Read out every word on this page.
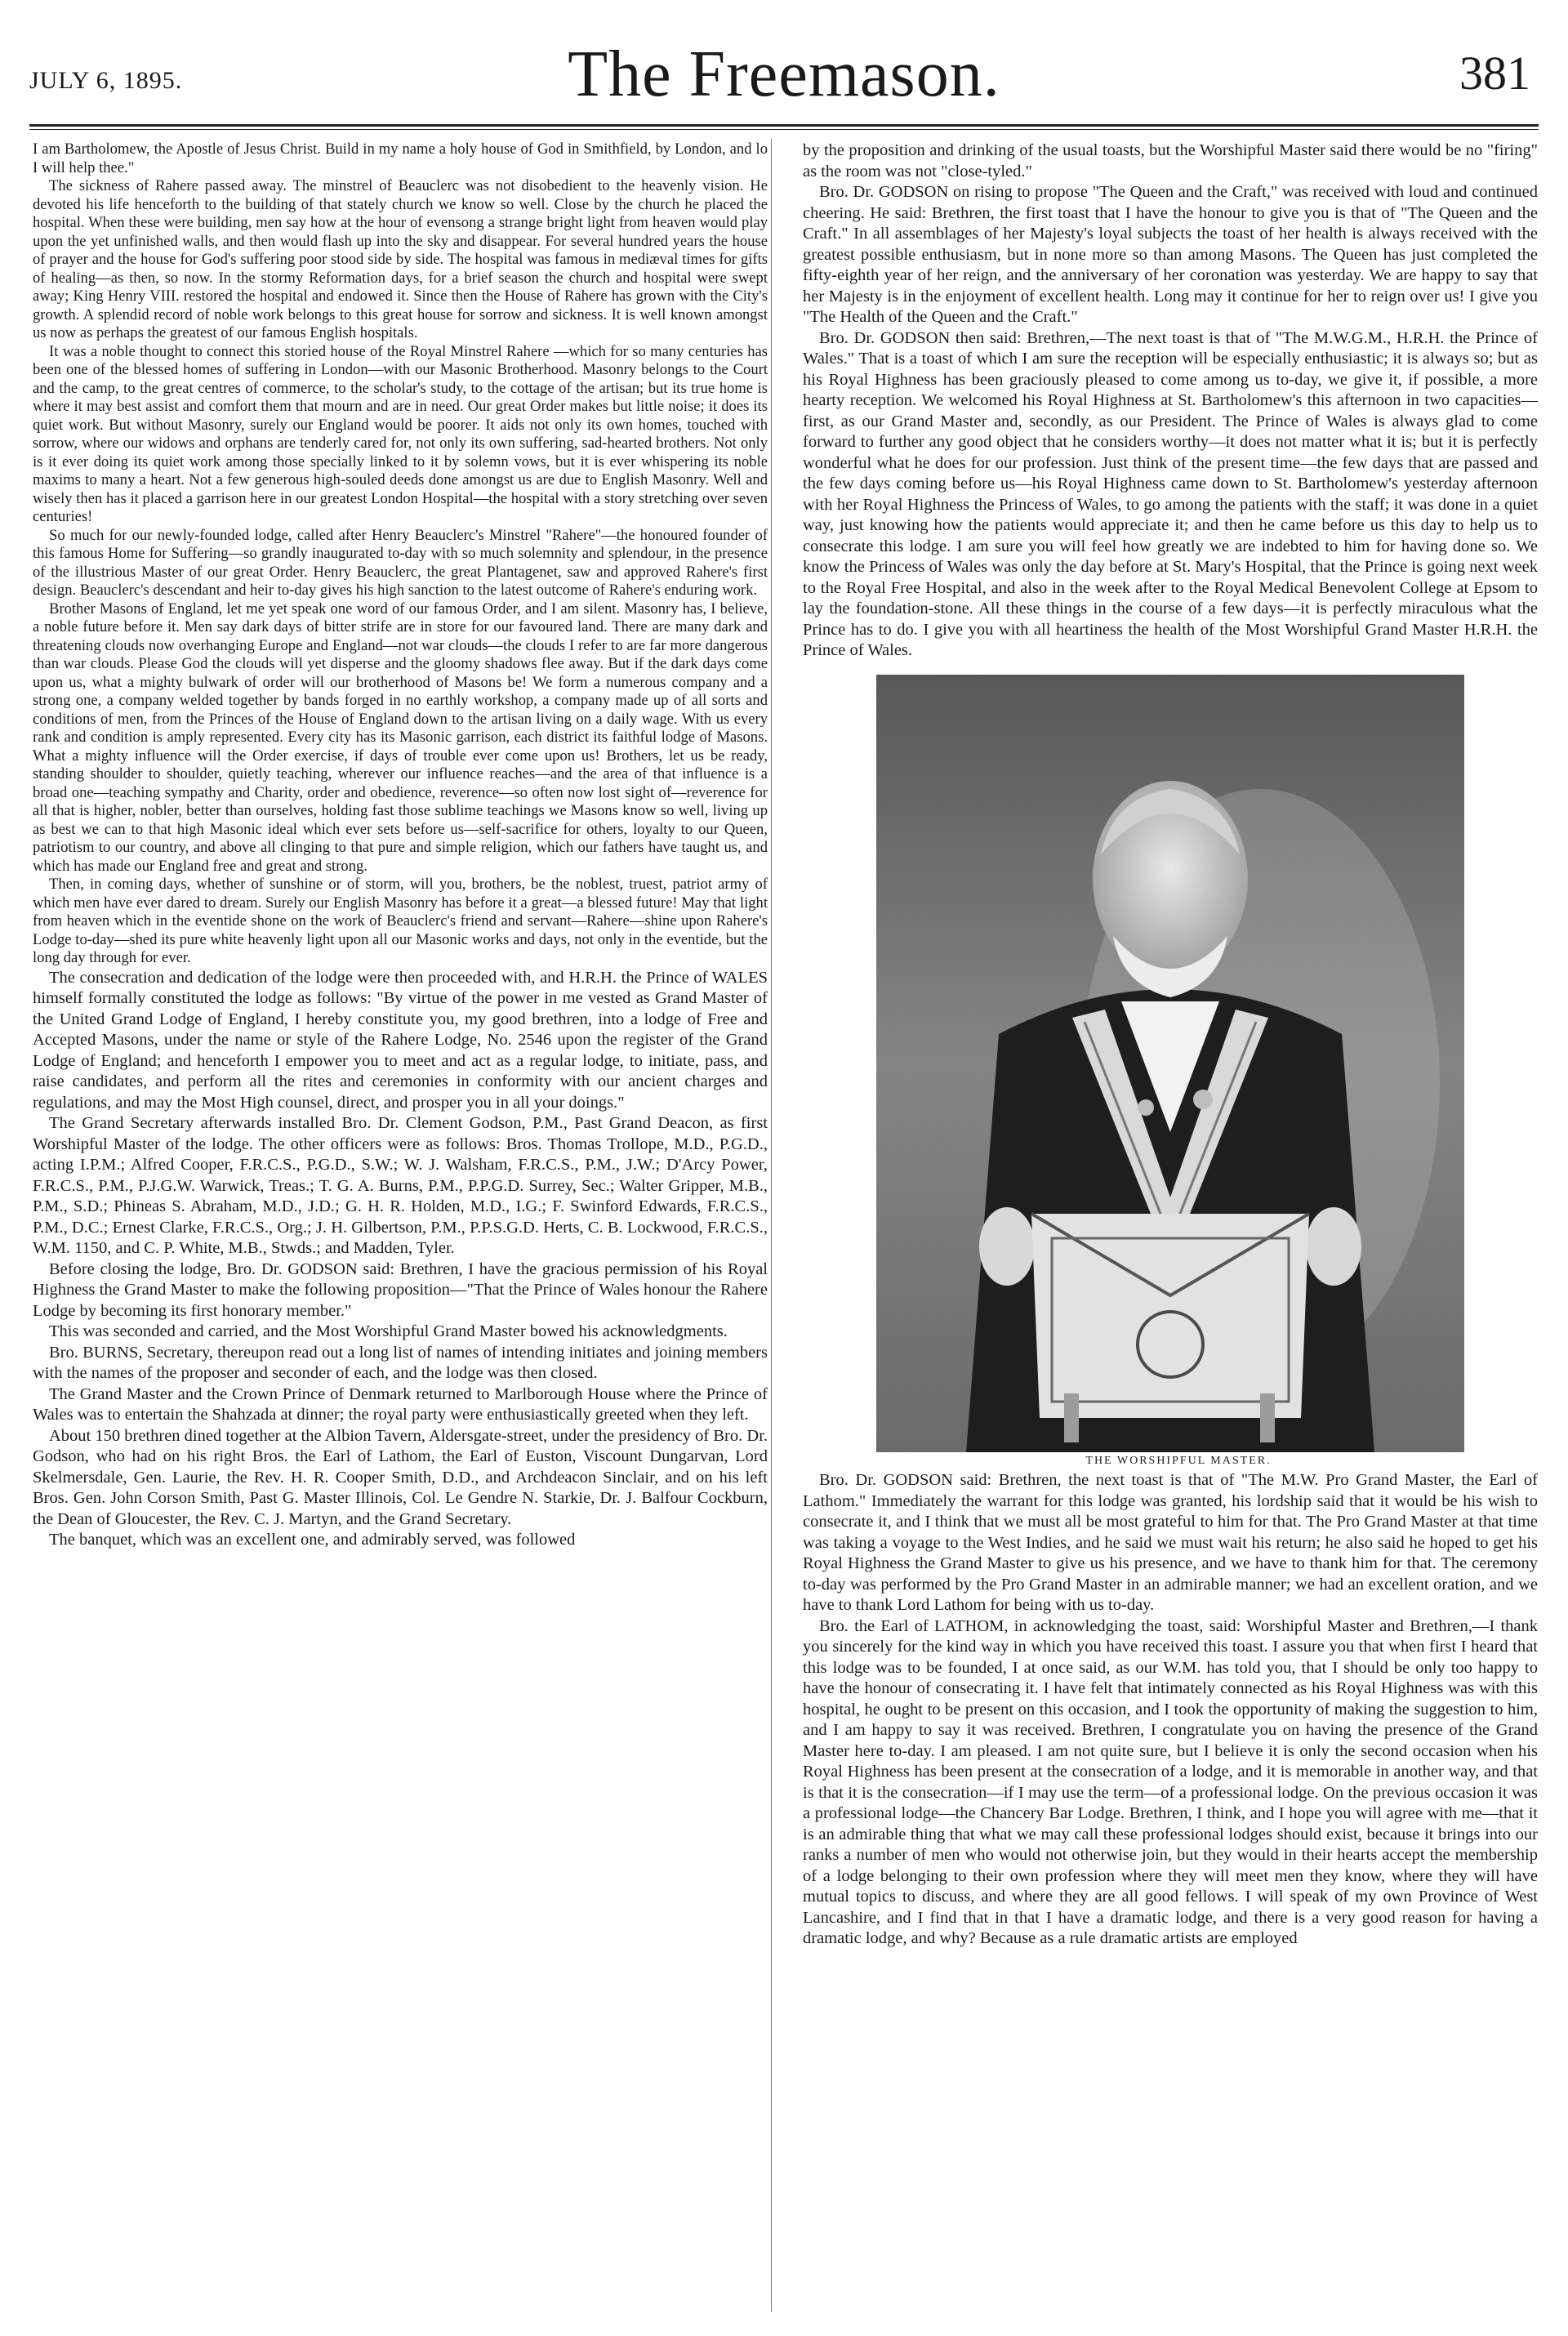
JULY 6, 1895.	The Freemason.	381

I am Bartholomew, the Apostle of Jesus Christ. Build in my name a holy house of God in Smithfield, by London, and lo I will help thee."

The sickness of Rahere passed away. The minstrel of Beauclerc was not disobedient to the heavenly vision. He devoted his life henceforth to the building of that stately church we know so well. Close by the church he placed the hospital. When these were building, men say how at the hour of evensong a strange bright light from heaven would play upon the yet unfinished walls, and then would flash up into the sky and disappear. For several hundred years the house of prayer and the house for God's suffering poor stood side by side. The hospital was famous in mediæval times for gifts of healing—as then, so now. In the stormy Reformation days, for a brief season the church and hospital were swept away; King Henry VIII. restored the hospital and endowed it. Since then the House of Rahere has grown with the City's growth. A splendid record of noble work belongs to this great house for sorrow and sickness. It is well known amongst us now as perhaps the greatest of our famous English hospitals.

It was a noble thought to connect this storied house of the Royal Minstrel Rahere —which for so many centuries has been one of the blessed homes of suffering in London—with our Masonic Brotherhood. Masonry belongs to the Court and the camp, to the great centres of commerce, to the scholar's study, to the cottage of the artisan; but its true home is where it may best assist and comfort them that mourn and are in need. Our great Order makes but little noise; it does its quiet work. But without Masonry, surely our England would be poorer. It aids not only its own homes, touched with sorrow, where our widows and orphans are tenderly cared for, not only its own suffering, sad-hearted brothers. Not only is it ever doing its quiet work among those specially linked to it by solemn vows, but it is ever whispering its noble maxims to many a heart. Not a few generous high-souled deeds done amongst us are due to English Masonry. Well and wisely then has it placed a garrison here in our greatest London Hospital—the hospital with a story stretching over seven centuries!

So much for our newly-founded lodge, called after Henry Beauclerc's Minstrel "Rahere"—the honoured founder of this famous Home for Suffering—so grandly inaugurated to-day with so much solemnity and splendour, in the presence of the illustrious Master of our great Order. Henry Beauclerc, the great Plantagenet, saw and approved Rahere's first design. Beauclerc's descendant and heir to-day gives his high sanction to the latest outcome of Rahere's enduring work.

Brother Masons of England, let me yet speak one word of our famous Order, and I am silent. Masonry has, I believe, a noble future before it. Men say dark days of bitter strife are in store for our favoured land. There are many dark and threatening clouds now overhanging Europe and England—not war clouds—the clouds I refer to are far more dangerous than war clouds. Please God the clouds will yet disperse and the gloomy shadows flee away. But if the dark days come upon us, what a mighty bulwark of order will our brotherhood of Masons be! We form a numerous company and a strong one, a company welded together by bands forged in no earthly workshop, a company made up of all sorts and conditions of men, from the Princes of the House of England down to the artisan living on a daily wage. With us every rank and condition is amply represented. Every city has its Masonic garrison, each district its faithful lodge of Masons. What a mighty influence will the Order exercise, if days of trouble ever come upon us! Brothers, let us be ready, standing shoulder to shoulder, quietly teaching, wherever our influence reaches—and the area of that influence is a broad one—teaching sympathy and Charity, order and obedience, reverence—so often now lost sight of—reverence for all that is higher, nobler, better than ourselves, holding fast those sublime teachings we Masons know so well, living up as best we can to that high Masonic ideal which ever sets before us—self-sacrifice for others, loyalty to our Queen, patriotism to our country, and above all clinging to that pure and simple religion, which our fathers have taught us, and which has made our England free and great and strong.

Then, in coming days, whether of sunshine or of storm, will you, brothers, be the noblest, truest, patriot army of which men have ever dared to dream. Surely our English Masonry has before it a great—a blessed future! May that light from heaven which in the eventide shone on the work of Beauclerc's friend and servant—Rahere—shine upon Rahere's Lodge to-day—shed its pure white heavenly light upon all our Masonic works and days, not only in the eventide, but the long day through for ever.

The consecration and dedication of the lodge were then proceeded with, and H.R.H. the Prince of WALES himself formally constituted the lodge as follows: "By virtue of the power in me vested as Grand Master of the United Grand Lodge of England, I hereby constitute you, my good brethren, into a lodge of Free and Accepted Masons, under the name or style of the Rahere Lodge, No. 2546 upon the register of the Grand Lodge of England; and henceforth I empower you to meet and act as a regular lodge, to initiate, pass, and raise candidates, and perform all the rites and ceremonies in conformity with our ancient charges and regulations, and may the Most High counsel, direct, and prosper you in all your doings."

The Grand Secretary afterwards installed Bro. Dr. Clement Godson, P.M., Past Grand Deacon, as first Worshipful Master of the lodge. The other officers were as follows: Bros. Thomas Trollope, M.D., P.G.D., acting I.P.M.; Alfred Cooper, F.R.C.S., P.G.D., S.W.; W. J. Walsham, F.R.C.S., P.M., J.W.; D'Arcy Power, F.R.C.S., P.M., P.J.G.W. Warwick, Treas.; T. G. A. Burns, P.M., P.P.G.D. Surrey, Sec.; Walter Gripper, M.B., P.M., S.D.; Phineas S. Abraham, M.D., J.D.; G. H. R. Holden, M.D., I.G.; F. Swinford Edwards, F.R.C.S., P.M., D.C.; Ernest Clarke, F.R.C.S., Org.; J. H. Gilbertson, P.M., P.P.S.G.D. Herts, C. B. Lockwood, F.R.C.S., W.M. 1150, and C. P. White, M.B., Stwds.; and Madden, Tyler.

Before closing the lodge, Bro. Dr. GODSON said: Brethren, I have the gracious permission of his Royal Highness the Grand Master to make the following proposition—"That the Prince of Wales honour the Rahere Lodge by becoming its first honorary member."

This was seconded and carried, and the Most Worshipful Grand Master bowed his acknowledgments.

Bro. BURNS, Secretary, thereupon read out a long list of names of intending initiates and joining members with the names of the proposer and seconder of each, and the lodge was then closed.

The Grand Master and the Crown Prince of Denmark returned to Marlborough House where the Prince of Wales was to entertain the Shahzada at dinner; the royal party were enthusiastically greeted when they left.

About 150 brethren dined together at the Albion Tavern, Aldersgate-street, under the presidency of Bro. Dr. Godson, who had on his right Bros. the Earl of Lathom, the Earl of Euston, Viscount Dungarvan, Lord Skelmersdale, Gen. Laurie, the Rev. H. R. Cooper Smith, D.D., and Archdeacon Sinclair, and on his left Bros. Gen. John Corson Smith, Past G. Master Illinois, Col. Le Gendre N. Starkie, Dr. J. Balfour Cockburn, the Dean of Gloucester, the Rev. C. J. Martyn, and the Grand Secretary.

The banquet, which was an excellent one, and admirably served, was followed

by the proposition and drinking of the usual toasts, but the Worshipful Master said there would be no "firing" as the room was not "close-tyled."

Bro. Dr. GODSON on rising to propose "The Queen and the Craft," was received with loud and continued cheering. He said: Brethren, the first toast that I have the honour to give you is that of "The Queen and the Craft." In all assemblages of her Majesty's loyal subjects the toast of her health is always received with the greatest possible enthusiasm, but in none more so than among Masons. The Queen has just completed the fifty-eighth year of her reign, and the anniversary of her coronation was yesterday. We are happy to say that her Majesty is in the enjoyment of excellent health. Long may it continue for her to reign over us! I give you "The Health of the Queen and the Craft."

Bro. Dr. GODSON then said: Brethren,—The next toast is that of "The M.W.G.M., H.R.H. the Prince of Wales." That is a toast of which I am sure the reception will be especially enthusiastic; it is always so; but as his Royal Highness has been graciously pleased to come among us to-day, we give it, if possible, a more hearty reception. We welcomed his Royal Highness at St. Bartholomew's this afternoon in two capacities—first, as our Grand Master and, secondly, as our President. The Prince of Wales is always glad to come forward to further any good object that he considers worthy—it does not matter what it is; but it is perfectly wonderful what he does for our profession. Just think of the present time—the few days that are passed and the few days coming before us—his Royal Highness came down to St. Bartholomew's yesterday afternoon with her Royal Highness the Princess of Wales, to go among the patients with the staff; it was done in a quiet way, just knowing how the patients would appreciate it; and then he came before us this day to help us to consecrate this lodge. I am sure you will feel how greatly we are indebted to him for having done so. We know the Princess of Wales was only the day before at St. Mary's Hospital, that the Prince is going next week to the Royal Free Hospital, and also in the week after to the Royal Medical Benevolent College at Epsom to lay the foundation-stone. All these things in the course of a few days—it is perfectly miraculous what the Prince has to do. I give you with all heartiness the health of the Most Worshipful Grand Master H.R.H. the Prince of Wales.

THE WORSHIPFUL MASTER.

Bro. Dr. GODSON said: Brethren, the next toast is that of "The M.W. Pro Grand Master, the Earl of Lathom." Immediately the warrant for this lodge was granted, his lordship said that it would be his wish to consecrate it, and I think that we must all be most grateful to him for that. The Pro Grand Master at that time was taking a voyage to the West Indies, and he said we must wait his return; he also said he hoped to get his Royal Highness the Grand Master to give us his presence, and we have to thank him for that. The ceremony to-day was performed by the Pro Grand Master in an admirable manner; we had an excellent oration, and we have to thank Lord Lathom for being with us to-day.

Bro. the Earl of LATHOM, in acknowledging the toast, said: Worshipful Master and Brethren,—I thank you sincerely for the kind way in which you have received this toast. I assure you that when first I heard that this lodge was to be founded, I at once said, as our W.M. has told you, that I should be only too happy to have the honour of consecrating it. I have felt that intimately connected as his Royal Highness was with this hospital, he ought to be present on this occasion, and I took the opportunity of making the suggestion to him, and I am happy to say it was received. Brethren, I congratulate you on having the presence of the Grand Master here to-day. I am pleased. I am not quite sure, but I believe it is only the second occasion when his Royal Highness has been present at the consecration of a lodge, and it is memorable in another way, and that is that it is the consecration—if I may use the term—of a professional lodge. On the previous occasion it was a professional lodge—the Chancery Bar Lodge. Brethren, I think, and I hope you will agree with me—that it is an admirable thing that what we may call these professional lodges should exist, because it brings into our ranks a number of men who would not otherwise join, but they would in their hearts accept the membership of a lodge belonging to their own profession where they will meet men they know, where they will have mutual topics to discuss, and where they are all good fellows. I will speak of my own Province of West Lancashire, and I find that in that I have a dramatic lodge, and there is a very good reason for having a dramatic lodge, and why? Because as a rule dramatic artists are employed
